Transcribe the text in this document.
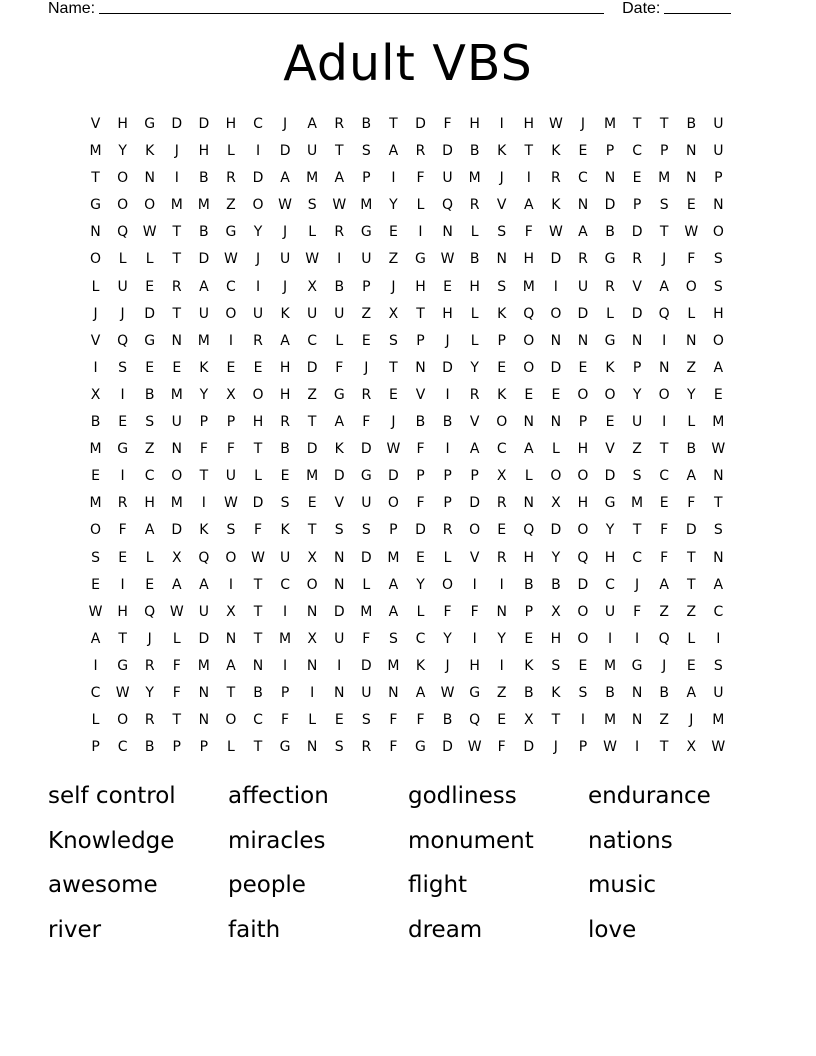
Name:	Date:
Adult VBS
V	H	G	D	D	H	C	J	A	R	B	T	D	F	H	I	H	W	J	M	T	T	B	U
M	Y	K	J	H	L	I	D	U	T	S	A	R	D	B	K	T	K	E	P	C	P	N	U
T	O	N	I	B	R	D	A	M	A	P	I	F	U	M	J	I	R	C	N	E	M	N	P
G	O	O	M	M	Z	O	W	S	W	M	Y	L	Q	R	V	A	K	N	D	P	S	E	N
N	Q	W	T	B	G	Y	J	L	R	G	E	I	N	L	S	F	W	A	B	D	T	W	O
O	L	L	T	D	W	J	U	W	I	U	Z	G	W	B	N	H	D	R	G	R	J	F	S
L	U	E	R	A	C	I	J	X	B	P	J	H	E	H	S	M	I	U	R	V	A	O	S
J	J	D	T	U	O	U	K	U	U	Z	X	T	H	L	K	Q	O	D	L	D	Q	L	H
V	Q	G	N	M	I	R	A	C	L	E	S	P	J	L	P	O	N	N	G	N	I	N	O
I	S	E	E	K	E	E	H	D	F	J	T	N	D	Y	E	O	D	E	K	P	N	Z	A
X	I	B	M	Y	X	O	H	Z	G	R	E	V	I	R	K	E	E	O	O	Y	O	Y	E
B	E	S	U	P	P	H	R	T	A	F	J	B	B	V	O	N	N	P	E	U	I	L	M
M	G	Z	N	F	F	T	B	D	K	D	W	F	I	A	C	A	L	H	V	Z	T	B	W
E	I	C	O	T	U	L	E	M	D	G	D	P	P	P	X	L	O	O	D	S	C	A	N
M	R	H	M	I	W	D	S	E	V	U	O	F	P	D	R	N	X	H	G	M	E	F	T
O	F	A	D	K	S	F	K	T	S	S	P	D	R	O	E	Q	D	O	Y	T	F	D	S
S	E	L	X	Q	O	W	U	X	N	D	M	E	L	V	R	H	Y	Q	H	C	F	T	N
E	I	E	A	A	I	T	C	O	N	L	A	Y	O	I	I	B	B	D	C	J	A	T	A
W	H	Q	W	U	X	T	I	N	D	M	A	L	F	F	N	P	X	O	U	F	Z	Z	C
A	T	J	L	D	N	T	M	X	U	F	S	C	Y	I	Y	E	H	O	I	I	Q	L	I
I	G	R	F	M	A	N	I	N	I	D	M	K	J	H	I	K	S	E	M	G	J	E	S
C	W	Y	F	N	T	B	P	I	N	U	N	A	W	G	Z	B	K	S	B	N	B	A	U
L	O	R	T	N	O	C	F	L	E	S	F	F	B	Q	E	X	T	I	M	N	Z	J	M
P	C	B	P	P	L	T	G	N	S	R	F	G	D	W	F	D	J	P	W	I	T	X	W
self control	affection	godliness	endurance
Knowledge	miracles	monument	nations
awesome	people	flight	music
river	faith	dream	love
